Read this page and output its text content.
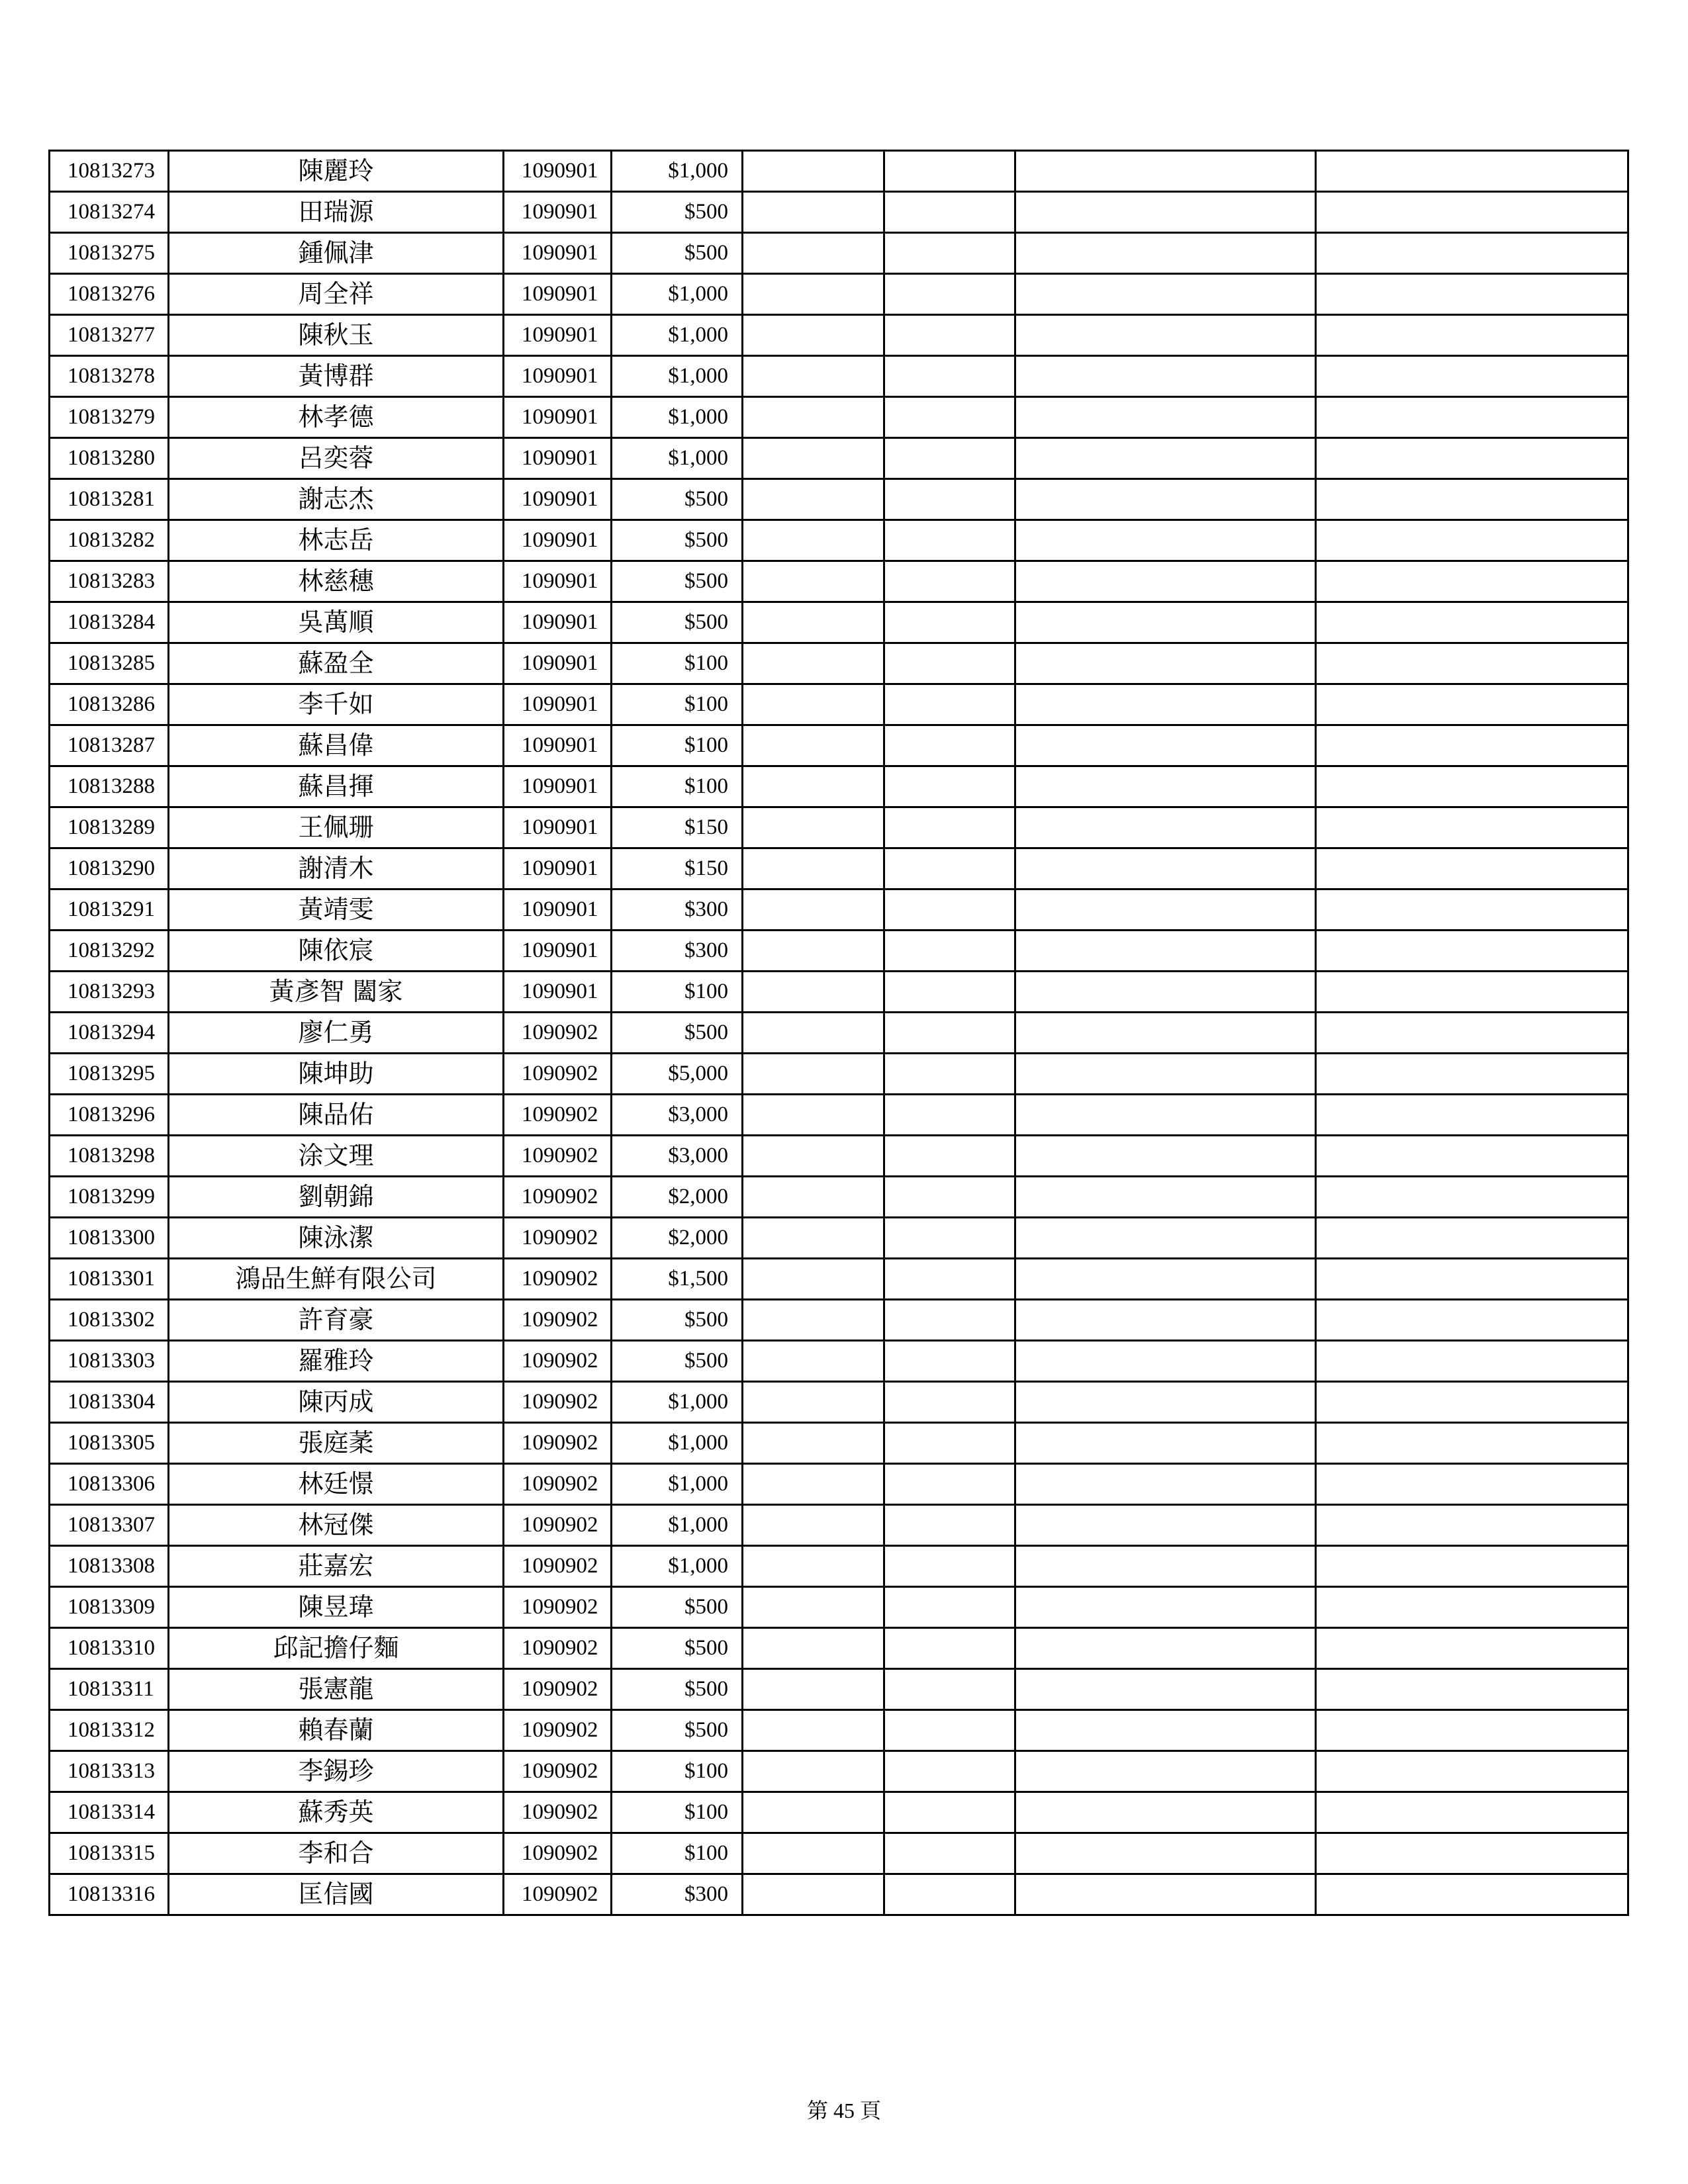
10813273	陳麗玲	1090901	$1,000				
10813274	田瑞源	1090901	$500				
10813275	鍾佩津	1090901	$500				
10813276	周全祥	1090901	$1,000				
10813277	陳秋玉	1090901	$1,000				
10813278	黃博群	1090901	$1,000				
10813279	林孝德	1090901	$1,000				
10813280	呂奕蓉	1090901	$1,000				
10813281	謝志杰	1090901	$500				
10813282	林志岳	1090901	$500				
10813283	林慈穗	1090901	$500				
10813284	吳萬順	1090901	$500				
10813285	蘇盈全	1090901	$100				
10813286	李千如	1090901	$100				
10813287	蘇昌偉	1090901	$100				
10813288	蘇昌揮	1090901	$100				
10813289	王佩珊	1090901	$150				
10813290	謝清木	1090901	$150				
10813291	黃靖雯	1090901	$300				
10813292	陳依宸	1090901	$300				
10813293	黃彥智 闔家	1090901	$100				
10813294	廖仁勇	1090902	$500				
10813295	陳坤助	1090902	$5,000				
10813296	陳品佑	1090902	$3,000				
10813298	涂文理	1090902	$3,000				
10813299	劉朝錦	1090902	$2,000				
10813300	陳泳潔	1090902	$2,000				
10813301	鴻品生鮮有限公司	1090902	$1,500				
10813302	許育豪	1090902	$500				
10813303	羅雅玲	1090902	$500				
10813304	陳丙成	1090902	$1,000				
10813305	張庭葇	1090902	$1,000				
10813306	林廷憬	1090902	$1,000				
10813307	林冠傑	1090902	$1,000				
10813308	莊嘉宏	1090902	$1,000				
10813309	陳昱瑋	1090902	$500				
10813310	邱記擔仔麵	1090902	$500				
10813311	張憲龍	1090902	$500				
10813312	賴春蘭	1090902	$500				
10813313	李錫珍	1090902	$100				
10813314	蘇秀英	1090902	$100				
10813315	李和合	1090902	$100				
10813316	匡信國	1090902	$300				
第 45 頁
